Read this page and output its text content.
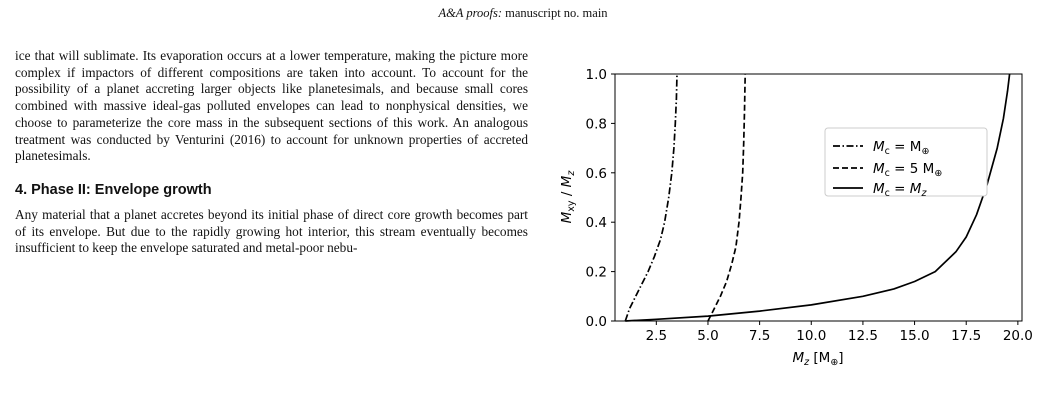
A&A proofs: manuscript no. main

ice that will sublimate. Its evaporation occurs at a lower temperature, making the picture more complex if impactors of different compositions are taken into account. To account for the possibility of a planet accreting larger objects like planetesimals, and because small cores combined with massive ideal-gas polluted envelopes can lead to nonphysical densities, we choose to parameterize the core mass in the subsequent sections of this work. An analogous treatment was conducted by Venturini (2016) to account for unknown properties of accreted planetesimals.

4. Phase II: Envelope growth

Any material that a planet accretes beyond its initial phase of direct core growth becomes part of its envelope. But due to the rapidly growing hot interior, this stream eventually becomes insufficient to keep the envelope saturated and metal-poor nebu-

2.5 5.0 7.5 10.0 12.5 15.0 17.5 20.0
0.0
0.2
0.4
0.6
0.8
1.0
$M_c = M_\oplus$
$M_c = 5$ $M_\oplus$
$M_c = M_z$
$M_z$ $[M_\oplus]$
$M_{xy} / M_z$
